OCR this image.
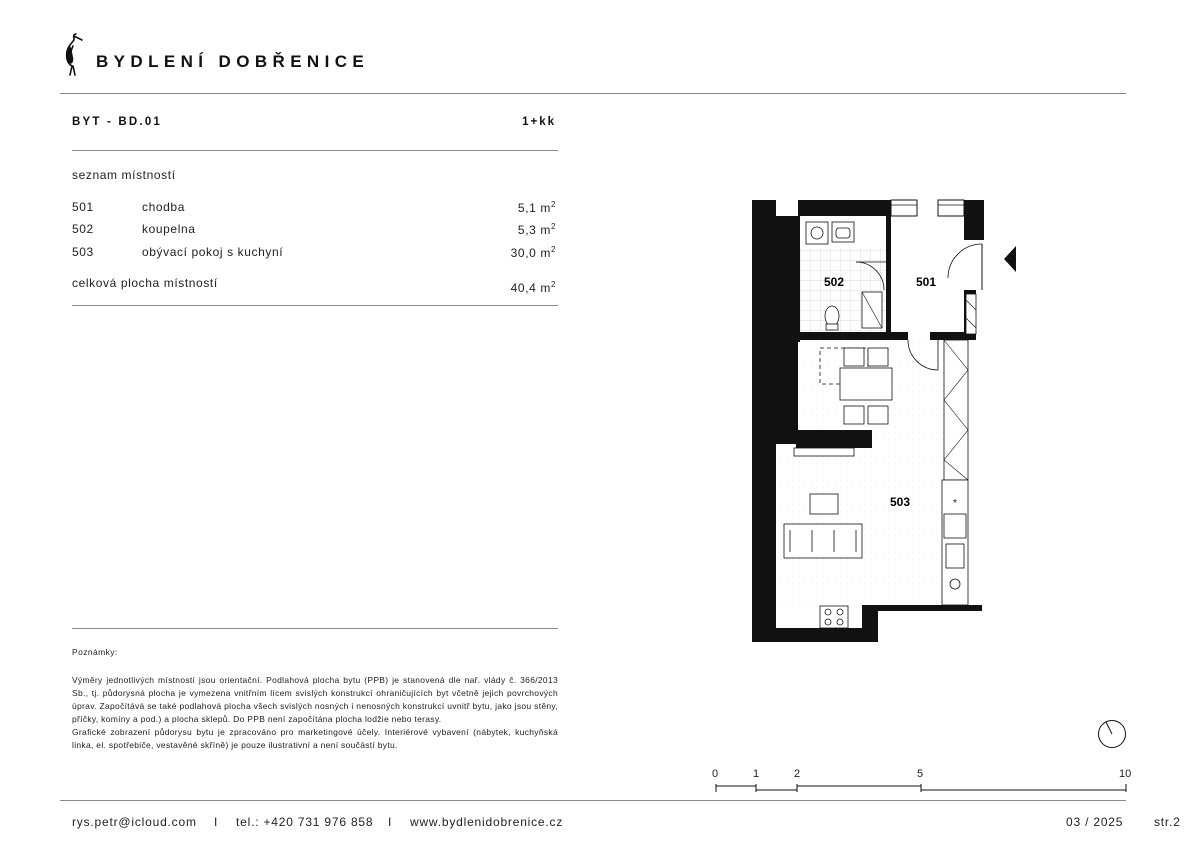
BYDLENÍ DOBŘENICE
BYT - BD.01	1+kk
seznam místností
501	chodba	5,1 $m^2$
502	koupelna	5,3 $m^2$
503	obývací pokoj s kuchyní	30,0 $m^2$
celková plocha místností	40,4 $m^2$
*
502	501
503
Poznámky:

Výměry jednotlivých místností jsou orientační. Podlahová plocha bytu (PPB) je stanovená dle nař. vlády č. 366/2013 Sb., tj. půdorysná plocha je vymezena vnitřním lícem svislých konstrukcí ohraničujících byt včetně jejich povrchových úprav. Započítává se také podlahová plocha všech svislých nosných i nenosných konstrukcí uvnitř bytu, jako jsou stěny, příčky, komíny a pod.) a plocha sklepů. Do PPB není započítána plocha lodžie nebo terasy.

Grafické zobrazení půdorysu bytu je zpracováno pro marketingové účely. Interiérové vybavení (nábytek, kuchyňská linka, el. spotřebiče, vestavěné skříně) je pouze ilustrativní a není součástí bytu.

0	1	2	5	10
rys.petr@icloud.com I tel.: +420 731 976 858 I www.bydlenidobrenice.cz	03 / 2025	str.2
